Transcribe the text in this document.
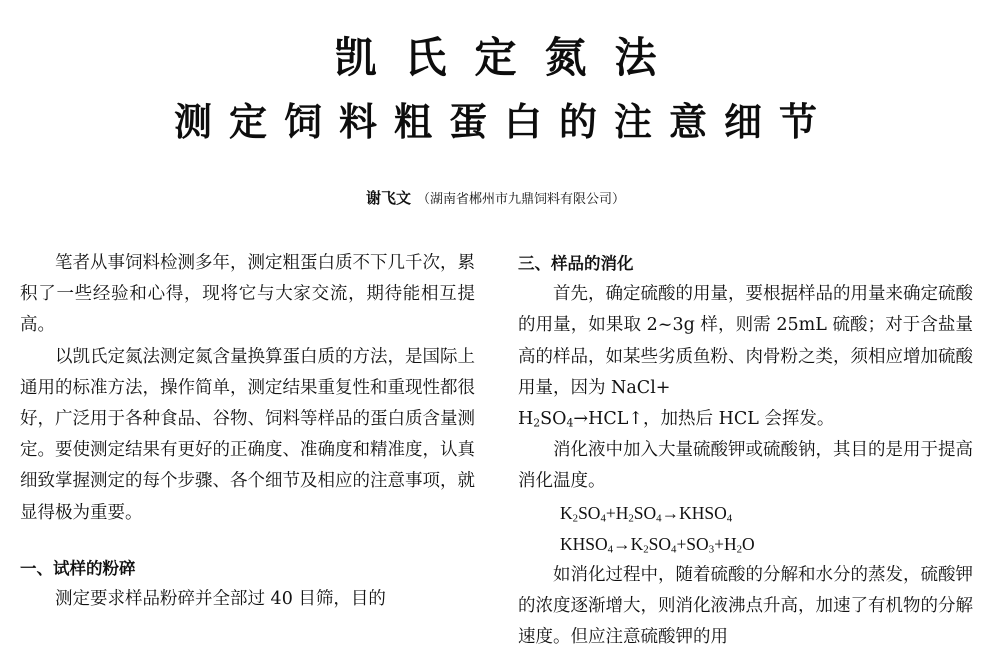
凯氏定氮法
测定饲料粗蛋白的注意细节
谢飞文 （湖南省郴州市九鼎饲料有限公司）

笔者从事饲料检测多年，测定粗蛋白质不下几千次，累积了一些经验和心得，现将它与大家交流，期待能相互提高。

以凯氏定氮法测定氮含量换算蛋白质的方法，是国际上通用的标准方法，操作简单，测定结果重复性和重现性都很好，广泛用于各种食品、谷物、饲料等样品的蛋白质含量测定。要使测定结果有更好的正确度、准确度和精准度，认真细致掌握测定的每个步骤、各个细节及相应的注意事项，就显得极为重要。

一、试样的粉碎

测定要求样品粉碎并全部过 40 目筛，目的

三、样品的消化

首先，确定硫酸的用量，要根据样品的用量来确定硫酸的用量，如果取 2~3g 样，则需 25mL 硫酸；对于含盐量高的样品，如某些劣质鱼粉、肉骨粉之类，须相应增加硫酸用量，因为 NaCl+
$H_2SO_4\to HCL↑$，加热后 HCL 会挥发。

消化液中加入大量硫酸钾或硫酸钠，其目的是用于提高消化温度。

$K_2SO_4+H_2SO_4\to KHSO_4$

$KHSO_4\to K_2SO_4+SO_3+H_2O$

如消化过程中，随着硫酸的分解和水分的蒸发，硫酸钾的浓度逐渐增大，则消化液沸点升高，加速了有机物的分解速度。但应注意硫酸钾的用
